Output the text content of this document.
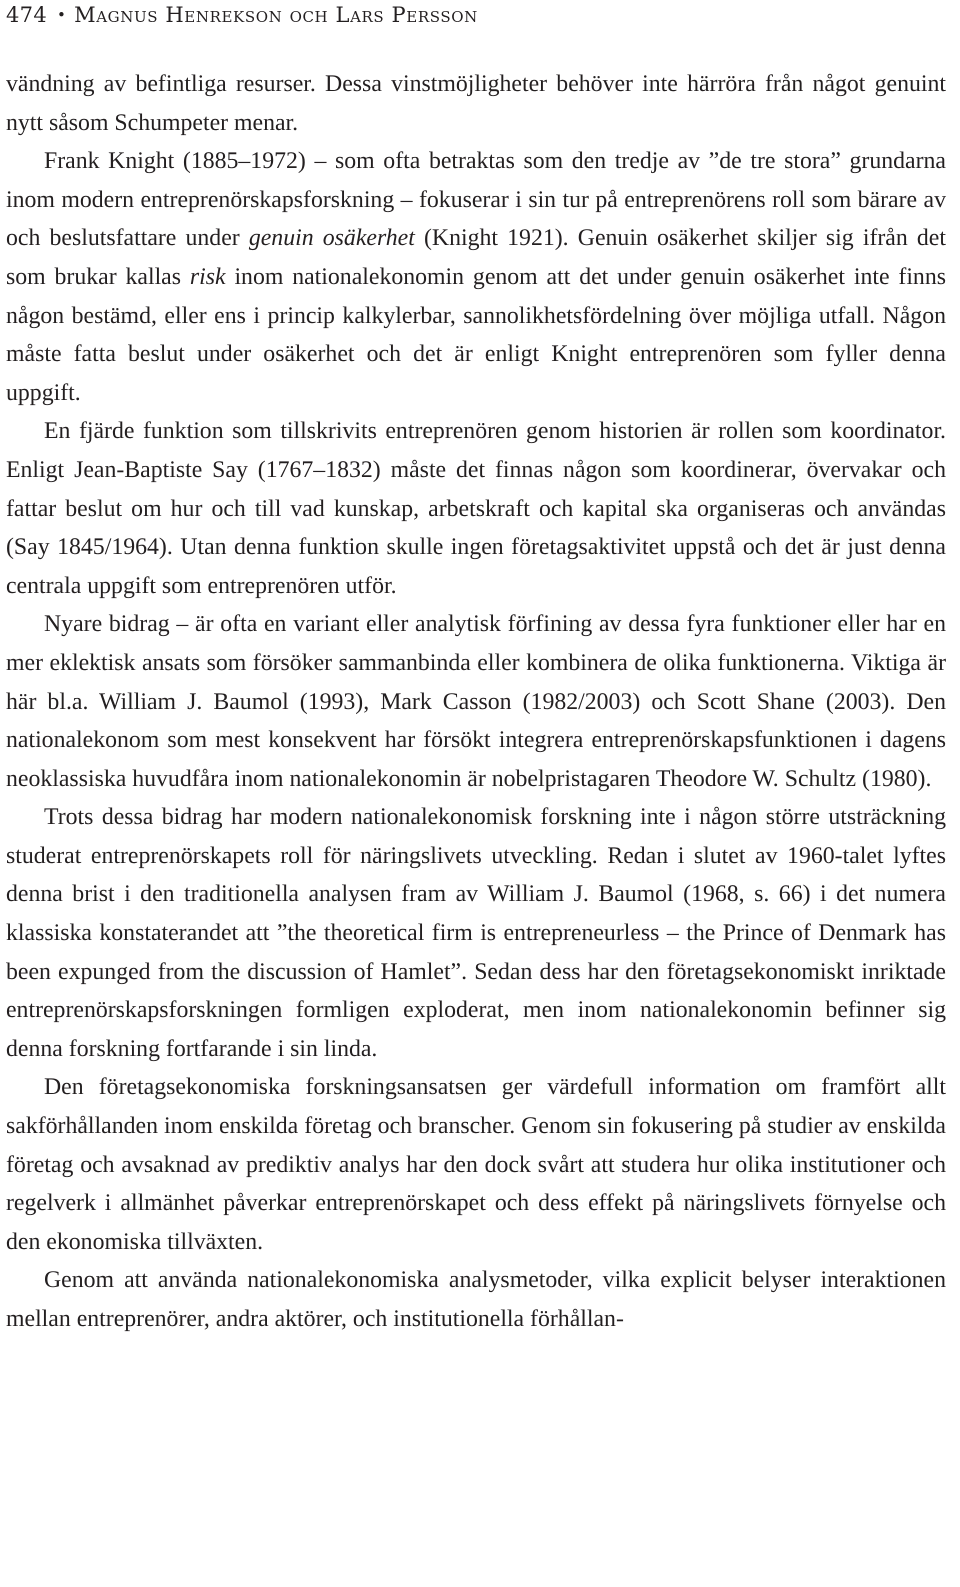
474 • Magnus Henrekson och Lars Persson

vändning av befintliga resurser. Dessa vinstmöjligheter behöver inte härröra från något genuint nytt såsom Schumpeter menar.

Frank Knight (1885–1972) – som ofta betraktas som den tredje av ”de tre stora” grundarna inom modern entreprenörskapsforskning – fokuserar i sin tur på entreprenörens roll som bärare av och beslutsfattare under genuin osäkerhet (Knight 1921). Genuin osäkerhet skiljer sig ifrån det som brukar kallas risk inom nationalekonomin genom att det under genuin osäkerhet inte finns någon bestämd, eller ens i princip kalkylerbar, sannolikhetsfördelning över möjliga utfall. Någon måste fatta beslut under osäkerhet och det är enligt Knight entreprenören som fyller denna uppgift.

En fjärde funktion som tillskrivits entreprenören genom historien är rollen som koordinator. Enligt Jean-Baptiste Say (1767–1832) måste det finnas någon som koordinerar, övervakar och fattar beslut om hur och till vad kunskap, arbetskraft och kapital ska organiseras och användas (Say 1845/1964). Utan denna funktion skulle ingen företagsaktivitet uppstå och det är just denna centrala uppgift som entreprenören utför.

Nyare bidrag – är ofta en variant eller analytisk förfining av dessa fyra funktioner eller har en mer eklektisk ansats som försöker sammanbinda eller kombinera de olika funktionerna. Viktiga är här bl.a. William J. Baumol (1993), Mark Casson (1982/2003) och Scott Shane (2003). Den nationalekonom som mest konsekvent har försökt integrera entreprenörskapsfunktionen i dagens neoklassiska huvudfåra inom nationalekonomin är nobelpristagaren Theodore W. Schultz (1980).

Trots dessa bidrag har modern nationalekonomisk forskning inte i någon större utsträckning studerat entreprenörskapets roll för näringslivets utveckling. Redan i slutet av 1960-talet lyftes denna brist i den traditionella analysen fram av William J. Baumol (1968, s. 66) i det numera klassiska konstaterandet att ”the theoretical firm is entrepreneurless – the Prince of Denmark has been expunged from the discussion of Hamlet”. Sedan dess har den företagsekonomiskt inriktade entreprenörskapsforskningen formligen exploderat, men inom nationalekonomin befinner sig denna forskning fortfarande i sin linda.

Den företagsekonomiska forskningsansatsen ger värdefull information om framfört allt sakförhållanden inom enskilda företag och branscher. Genom sin fokusering på studier av enskilda företag och avsaknad av prediktiv analys har den dock svårt att studera hur olika institutioner och regelverk i allmänhet påverkar entreprenörskapet och dess effekt på näringslivets förnyelse och den ekonomiska tillväxten.

Genom att använda nationalekonomiska analysmetoder, vilka explicit belyser interaktionen mellan entreprenörer, andra aktörer, och institutionella förhållan-
